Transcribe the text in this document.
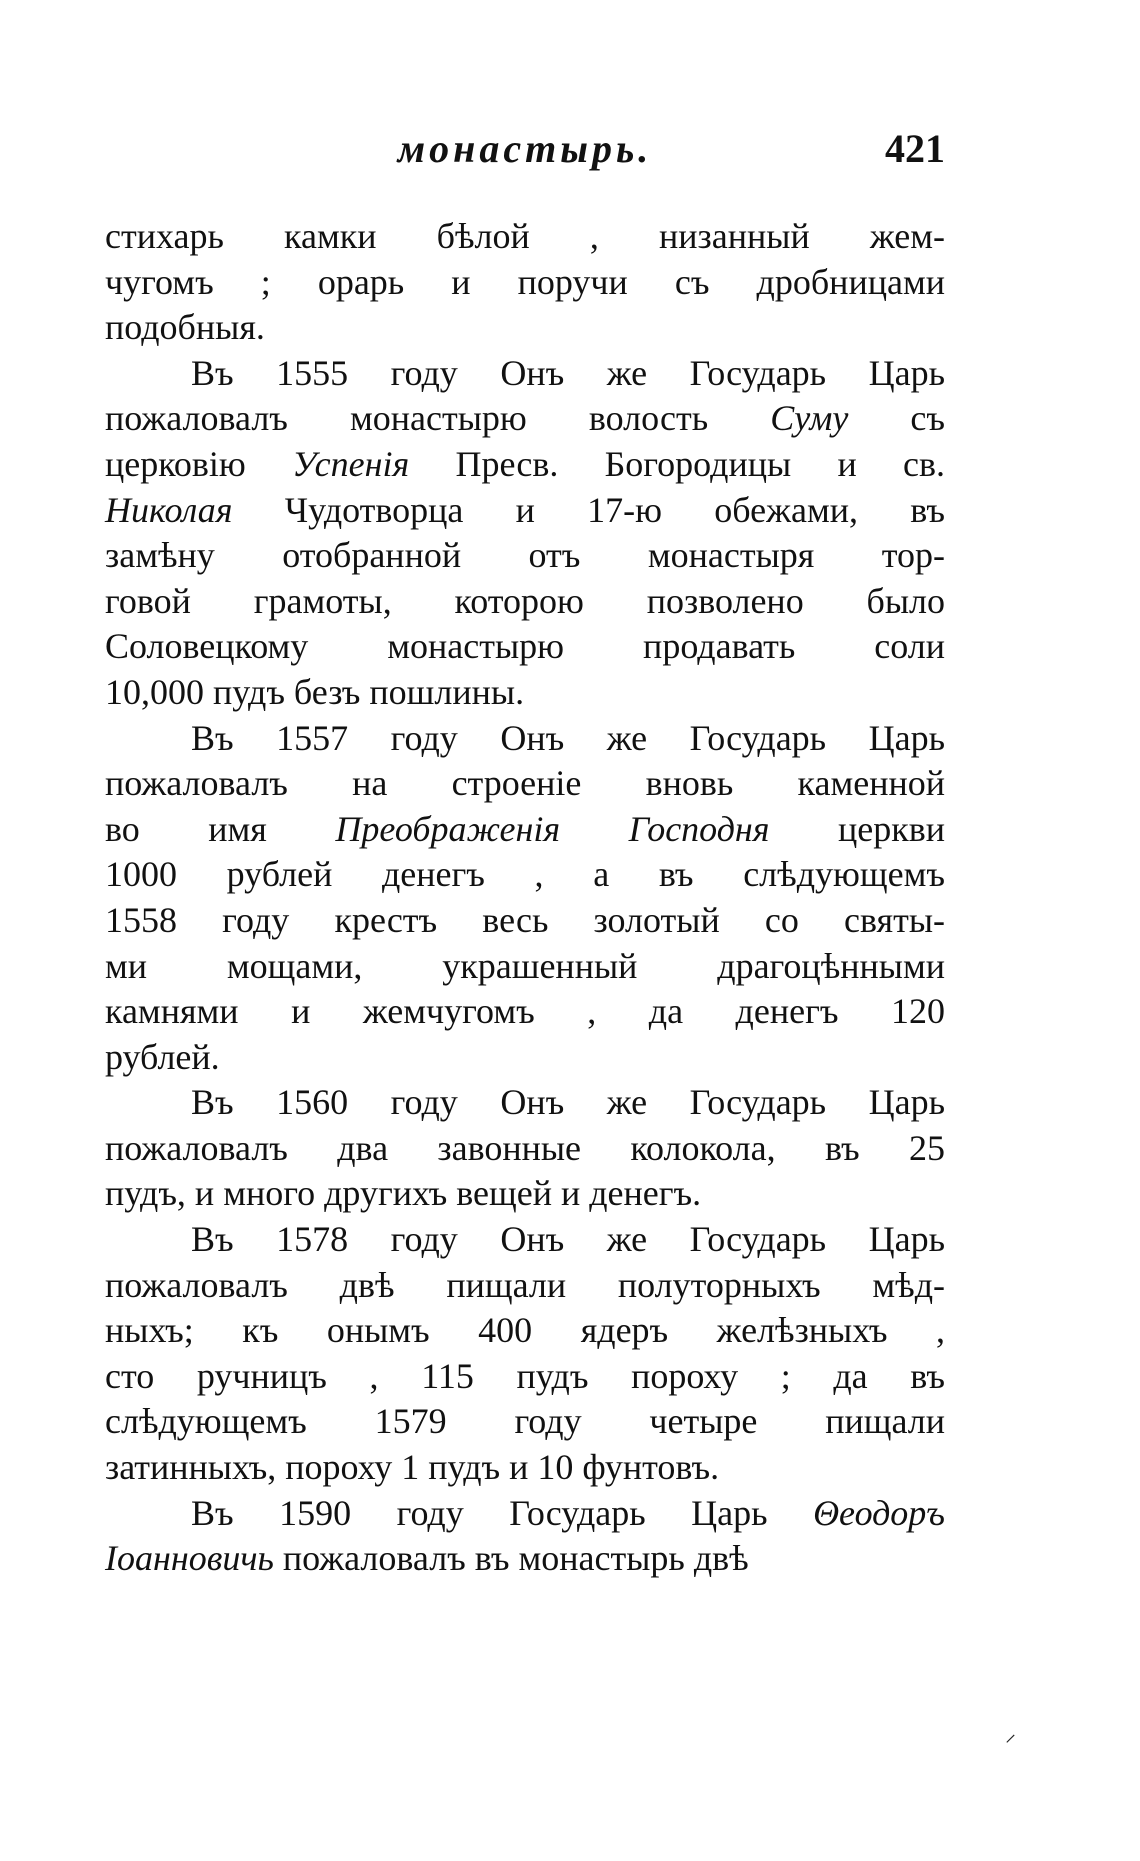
монастырь.	421
стихарь камки бѣлой , низанный жем-
чугомъ ; орарь и поручи съ дробницами
подобныя.
Въ 1555 году Онъ же Государь Царь
пожаловалъ монастырю волость Суму съ
церковію Успенія Пресв. Богородицы и св.
Николая Чудотворца и 17-ю обежами, въ
замѣну отобранной отъ монастыря тор-
говой грамоты, которою позволено было
Соловецкому монастырю продавать соли
10,000 пудъ безъ пошлины.
Въ 1557 году Онъ же Государь Царь
пожаловалъ на строеніе вновь каменной
во имя Преображенія Господня церкви
1000 рублей денегъ , а въ слѣдующемъ
1558 году крестъ весь золотый со святы-
ми мощами, украшенный драгоцѣнными
камнями и жемчугомъ , да денегъ 120
рублей.
Въ 1560 году Онъ же Государь Царь
пожаловалъ два завонные колокола, въ 25
пудъ, и много другихъ вещей и денегъ.
Въ 1578 году Онъ же Государь Царь
пожаловалъ двѣ пищали полуторныхъ мѣд-
ныхъ; къ онымъ 400 ядеръ желѣзныхъ ,
сто ручницъ , 115 пудъ пороху ; да въ
слѣдующемъ 1579 году четыре пищали
затинныхъ, пороху 1 пудъ и 10 фунтовъ.
Въ 1590 году Государь Царь Θеодоръ
Іоанновичь пожаловалъ въ монастырь двѣ
⸝
